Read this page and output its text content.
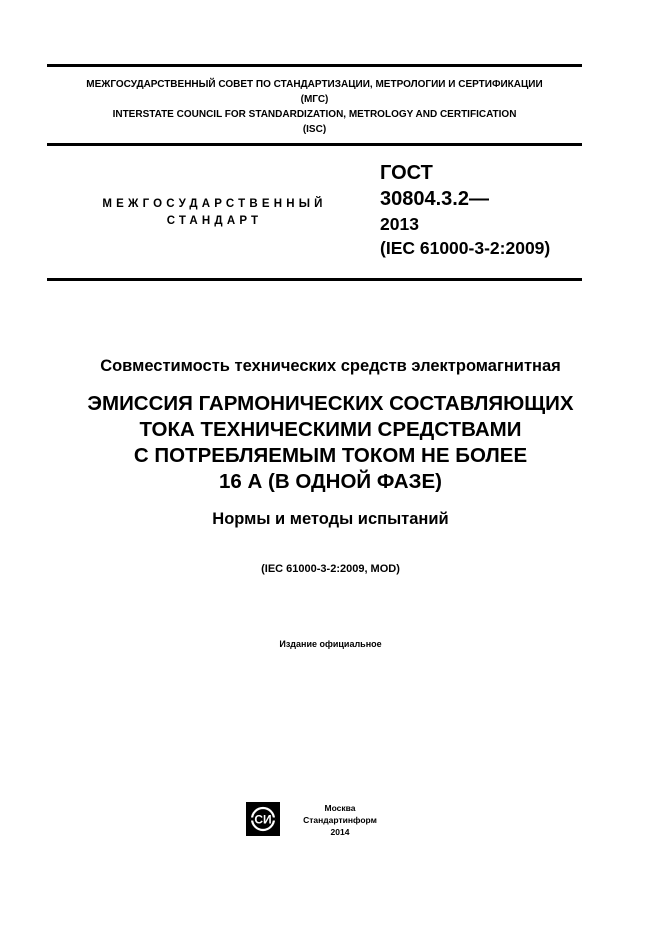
МЕЖГОСУДАРСТВЕННЫЙ СОВЕТ ПО СТАНДАРТИЗАЦИИ, МЕТРОЛОГИИ И СЕРТИФИКАЦИИ
(МГС)
INTERSTATE COUNCIL FOR STANDARDIZATION, METROLOGY AND CERTIFICATION
(ISC)
МЕЖГОСУДАРСТВЕННЫЙ
СТАНДАРТ
ГОСТ
30804.3.2—
2013
(IEC 61000-3-2:2009)
Совместимость технических средств электромагнитная
ЭМИССИЯ ГАРМОНИЧЕСКИХ СОСТАВЛЯЮЩИХ
ТОКА ТЕХНИЧЕСКИМИ СРЕДСТВАМИ
С ПОТРЕБЛЯЕМЫМ ТОКОМ НЕ БОЛЕЕ
16 А (В ОДНОЙ ФАЗЕ)
Нормы и методы испытаний
(IEC 61000-3-2:2009, MOD)
Издание официальное
СИ
Москва
Стандартинформ
2014
